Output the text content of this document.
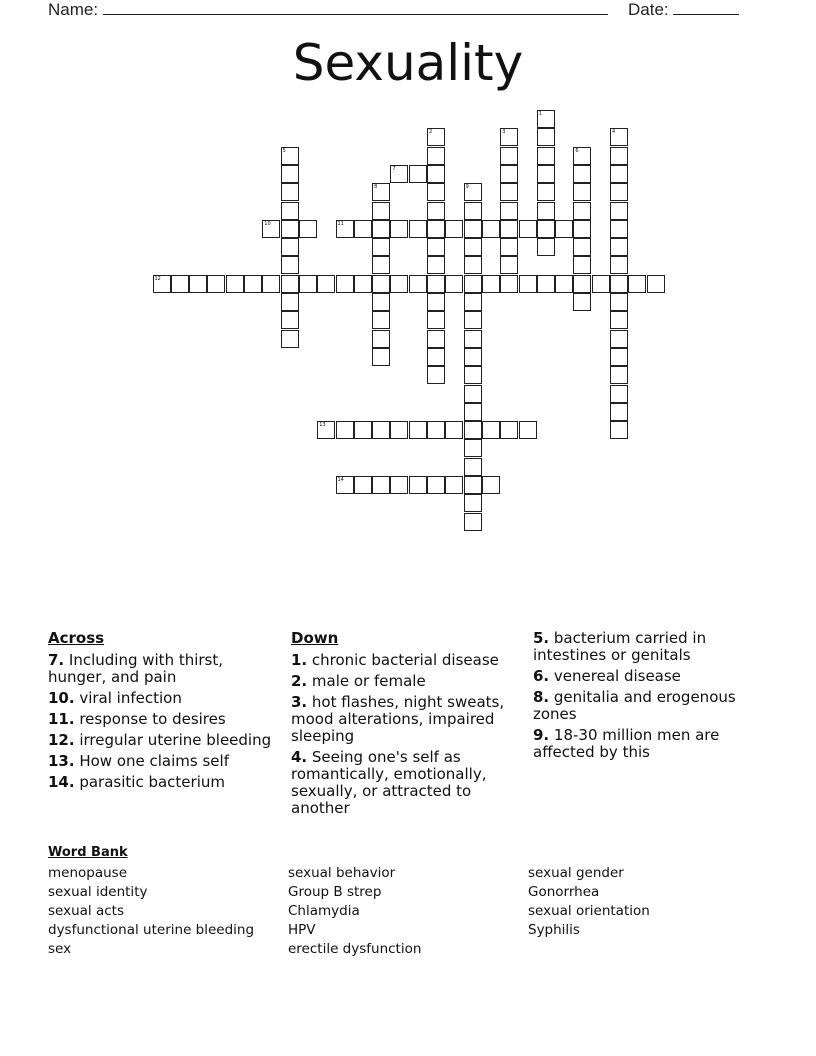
Name:	Date:
Sexuality
1
2	3	4
5	6
7
8	9
10	11
12
13
14
Across
7. Including with thirst, hunger, and pain
10. viral infection
11. response to desires
12. irregular uterine bleeding
13. How one claims self
14. parasitic bacterium
Down
1. chronic bacterial disease
2. male or female
3. hot flashes, night sweats, mood alterations, impaired sleeping
4. Seeing one's self as romantically, emotionally, sexually, or attracted to another
5. bacterium carried in intestines or genitals
6. venereal disease
8. genitalia and erogenous zones
9. 18-30 million men are affected by this
Word Bank
menopause
sexual identity
sexual acts
dysfunctional uterine bleeding
sex
sexual behavior
Group B strep
Chlamydia
HPV
erectile dysfunction
sexual gender
Gonorrhea
sexual orientation
Syphilis
